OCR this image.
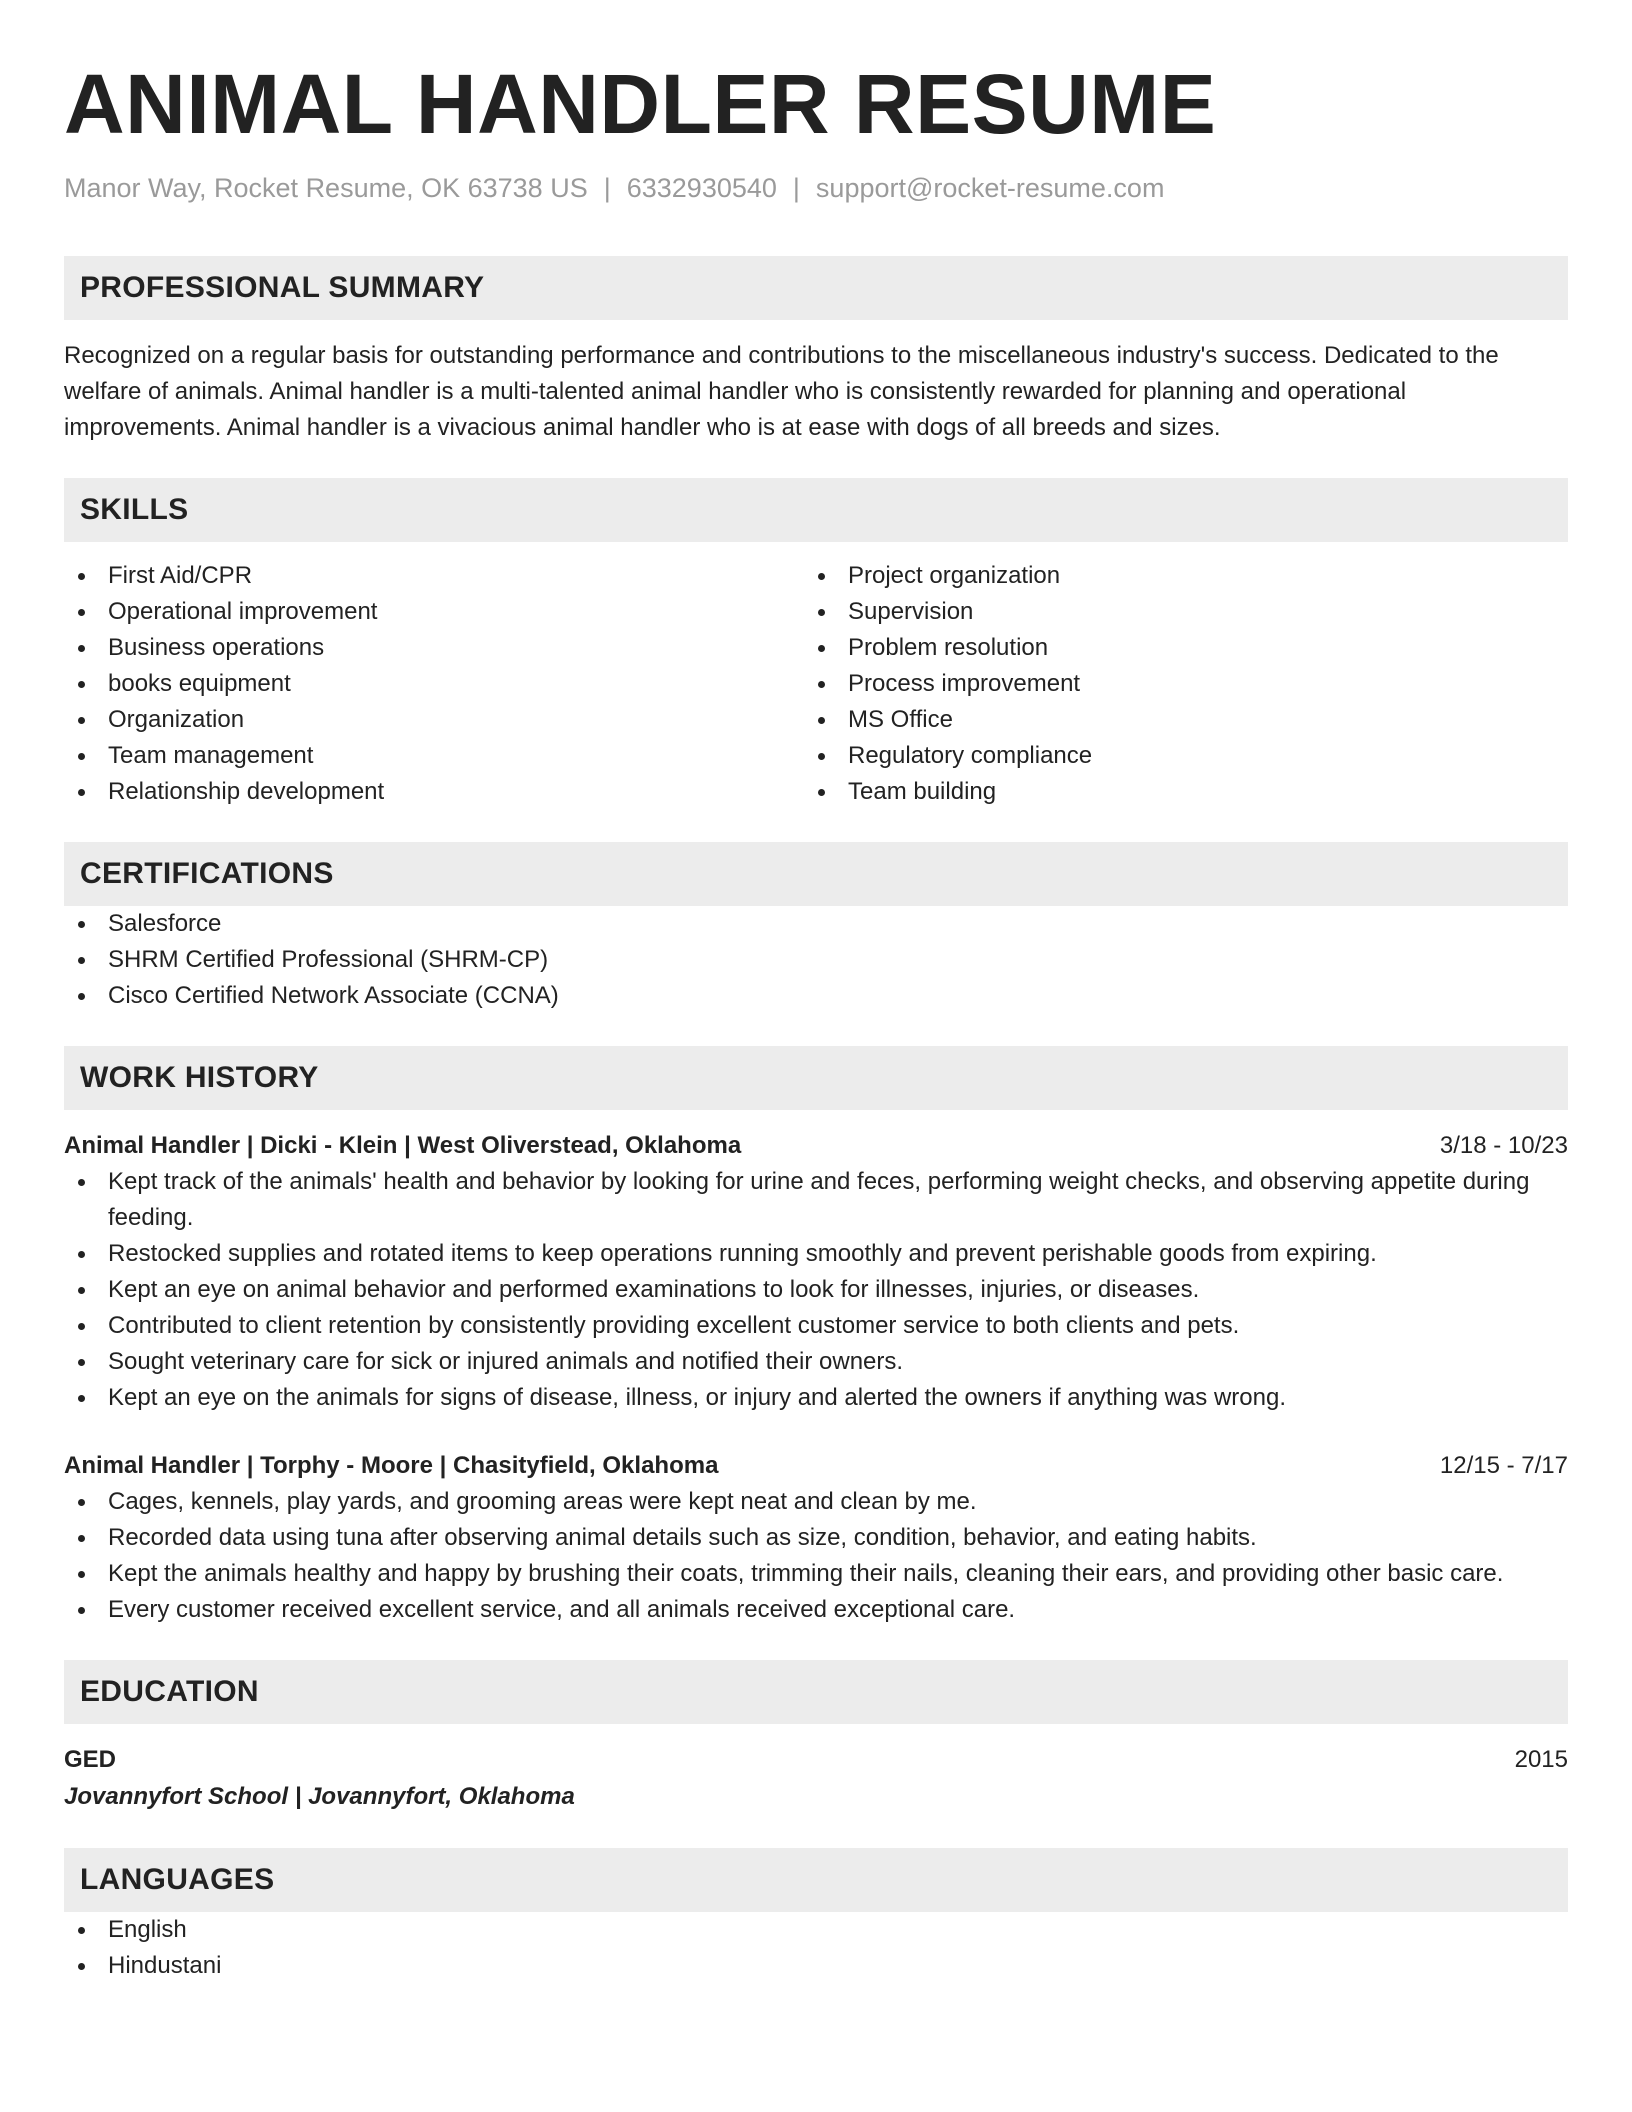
ANIMAL HANDLER RESUME
Manor Way, Rocket Resume, OK 63738 US | 6332930540 | support@rocket-resume.com
PROFESSIONAL SUMMARY

Recognized on a regular basis for outstanding performance and contributions to the miscellaneous industry's success. Dedicated to the welfare of animals. Animal handler is a multi-talented animal handler who is consistently rewarded for planning and operational improvements. Animal handler is a vivacious animal handler who is at ease with dogs of all breeds and sizes.

SKILLS
First Aid/CPR
Operational improvement
Business operations
books equipment
Organization
Team management
Relationship development
Project organization
Supervision
Problem resolution
Process improvement
MS Office
Regulatory compliance
Team building
CERTIFICATIONS
Salesforce
SHRM Certified Professional (SHRM-CP)
Cisco Certified Network Associate (CCNA)
WORK HISTORY
Animal Handler | Dicki - Klein | West Oliverstead, Oklahoma	3/18 - 10/23
Kept track of the animals' health and behavior by looking for urine and feces, performing weight checks, and observing appetite during feeding.
Restocked supplies and rotated items to keep operations running smoothly and prevent perishable goods from expiring.
Kept an eye on animal behavior and performed examinations to look for illnesses, injuries, or diseases.
Contributed to client retention by consistently providing excellent customer service to both clients and pets.
Sought veterinary care for sick or injured animals and notified their owners.
Kept an eye on the animals for signs of disease, illness, or injury and alerted the owners if anything was wrong.
Animal Handler | Torphy - Moore | Chasityfield, Oklahoma	12/15 - 7/17
Cages, kennels, play yards, and grooming areas were kept neat and clean by me.
Recorded data using tuna after observing animal details such as size, condition, behavior, and eating habits.
Kept the animals healthy and happy by brushing their coats, trimming their nails, cleaning their ears, and providing other basic care.
Every customer received excellent service, and all animals received exceptional care.
EDUCATION
GED	2015
Jovannyfort School | Jovannyfort, Oklahoma
LANGUAGES
English
Hindustani
